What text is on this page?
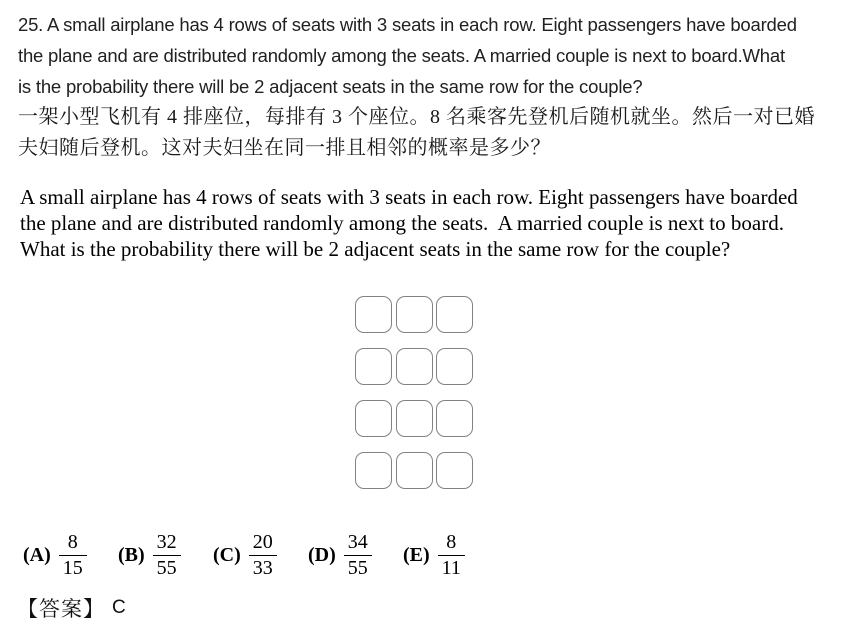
25. A small airplane has 4 rows of seats with 3 seats in each row. Eight passengers have boarded
the plane and are distributed randomly among the seats. A married couple is next to board.What
is the probability there will be 2 adjacent seats in the same row for the couple?
一架小型飞机有 4 排座位，每排有 3 个座位。8 名乘客先登机后随机就坐。然后一对已婚
夫妇随后登机。这对夫妇坐在同一排且相邻的概率是多少？
A small airplane has 4 rows of seats with 3 seats in each row. Eight passengers have boarded
the plane and are distributed randomly among the seats.  A married couple is next to board.
What is the probability there will be 2 adjacent seats in the same row for the couple?
$(A) \frac{8}{15} (B) \frac{32}{55} (C) \frac{20}{33} (D) \frac{34}{55} (E) \frac{8}{11}$
【答案】 C
